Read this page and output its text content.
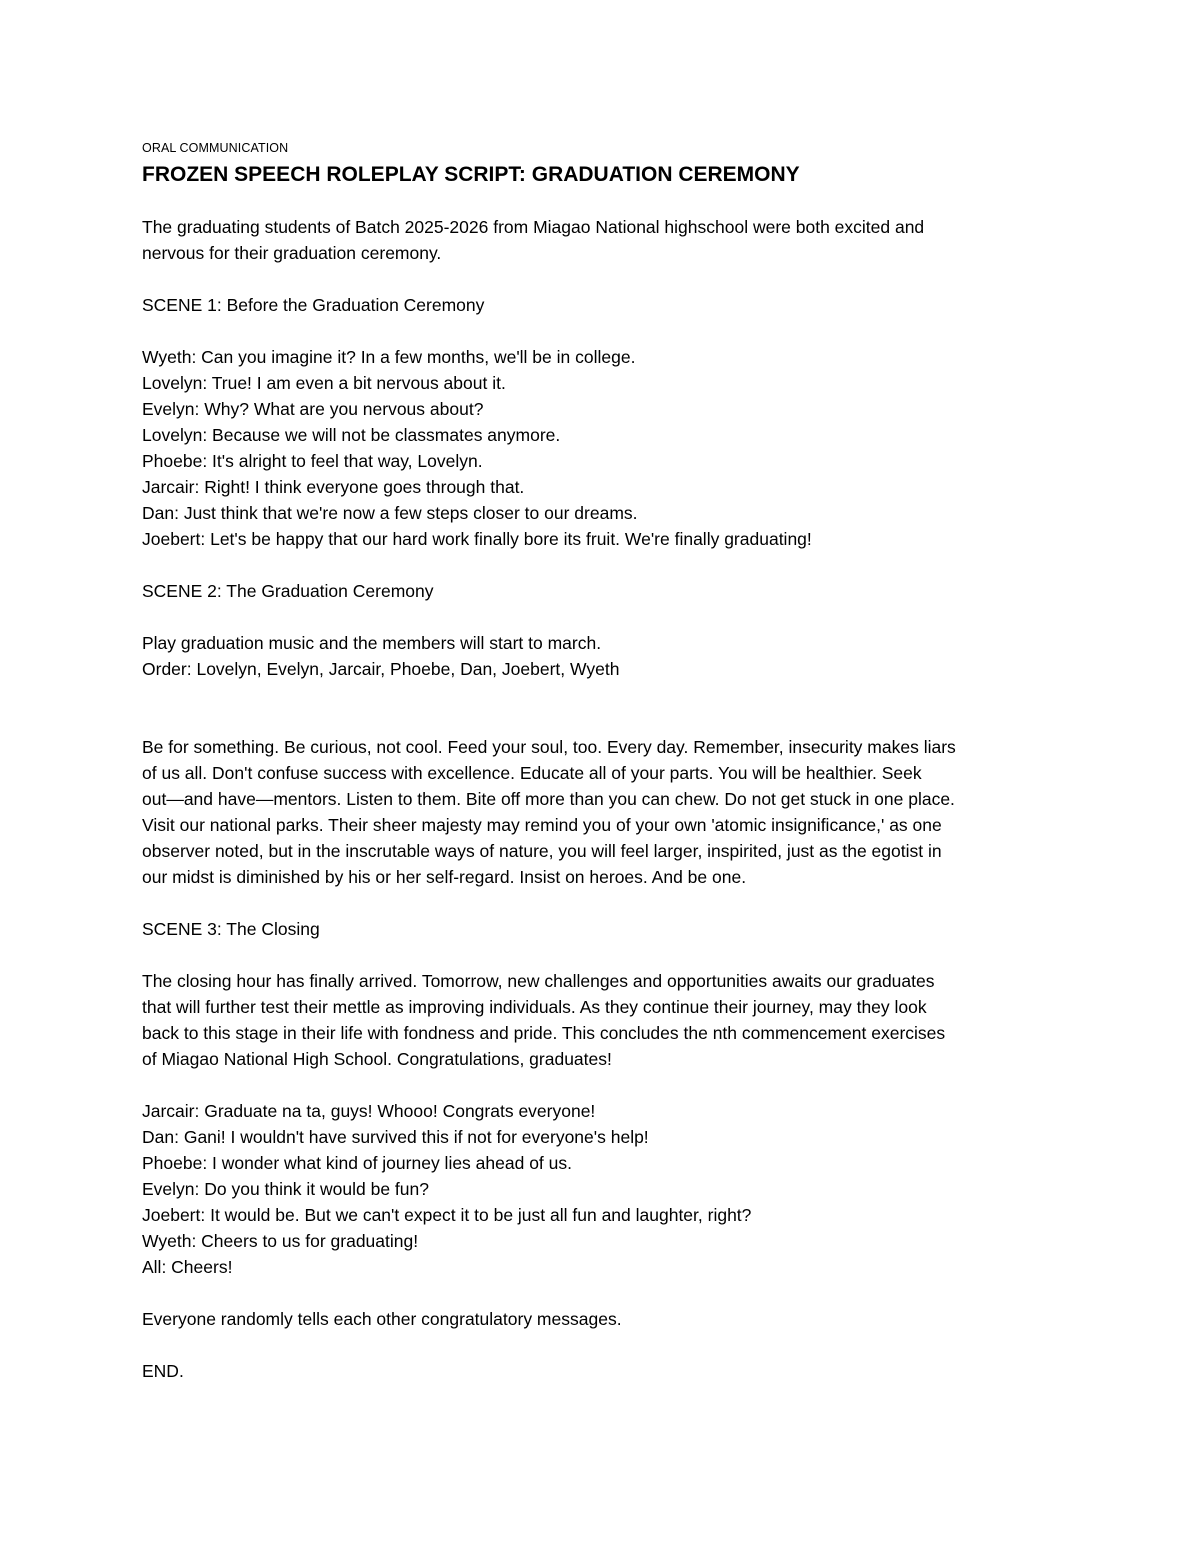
ORAL COMMUNICATION

FROZEN SPEECH ROLEPLAY SCRIPT: GRADUATION CEREMONY

The graduating students of Batch 2025-2026 from Miagao National highschool were both excited and
nervous for their graduation ceremony.

SCENE 1: Before the Graduation Ceremony

Wyeth: Can you imagine it? In a few months, we'll be in college.
Lovelyn: True! I am even a bit nervous about it.
Evelyn: Why? What are you nervous about?
Lovelyn: Because we will not be classmates anymore.
Phoebe: It's alright to feel that way, Lovelyn.
Jarcair: Right! I think everyone goes through that.
Dan: Just think that we're now a few steps closer to our dreams.
Joebert: Let's be happy that our hard work finally bore its fruit. We're finally graduating!

SCENE 2: The Graduation Ceremony

Play graduation music and the members will start to march.
Order: Lovelyn, Evelyn, Jarcair, Phoebe, Dan, Joebert, Wyeth

Be for something. Be curious, not cool. Feed your soul, too. Every day. Remember, insecurity makes liars
of us all. Don't confuse success with excellence. Educate all of your parts. You will be healthier. Seek
out—and have—mentors. Listen to them. Bite off more than you can chew. Do not get stuck in one place.
Visit our national parks. Their sheer majesty may remind you of your own 'atomic insignificance,' as one
observer noted, but in the inscrutable ways of nature, you will feel larger, inspirited, just as the egotist in
our midst is diminished by his or her self-regard. Insist on heroes. And be one.

SCENE 3: The Closing

The closing hour has finally arrived. Tomorrow, new challenges and opportunities awaits our graduates
that will further test their mettle as improving individuals. As they continue their journey, may they look
back to this stage in their life with fondness and pride. This concludes the nth commencement exercises
of Miagao National High School. Congratulations, graduates!

Jarcair: Graduate na ta, guys! Whooo! Congrats everyone!
Dan: Gani! I wouldn't have survived this if not for everyone's help!
Phoebe: I wonder what kind of journey lies ahead of us.
Evelyn: Do you think it would be fun?
Joebert: It would be. But we can't expect it to be just all fun and laughter, right?
Wyeth: Cheers to us for graduating!
All: Cheers!

Everyone randomly tells each other congratulatory messages.

END.
